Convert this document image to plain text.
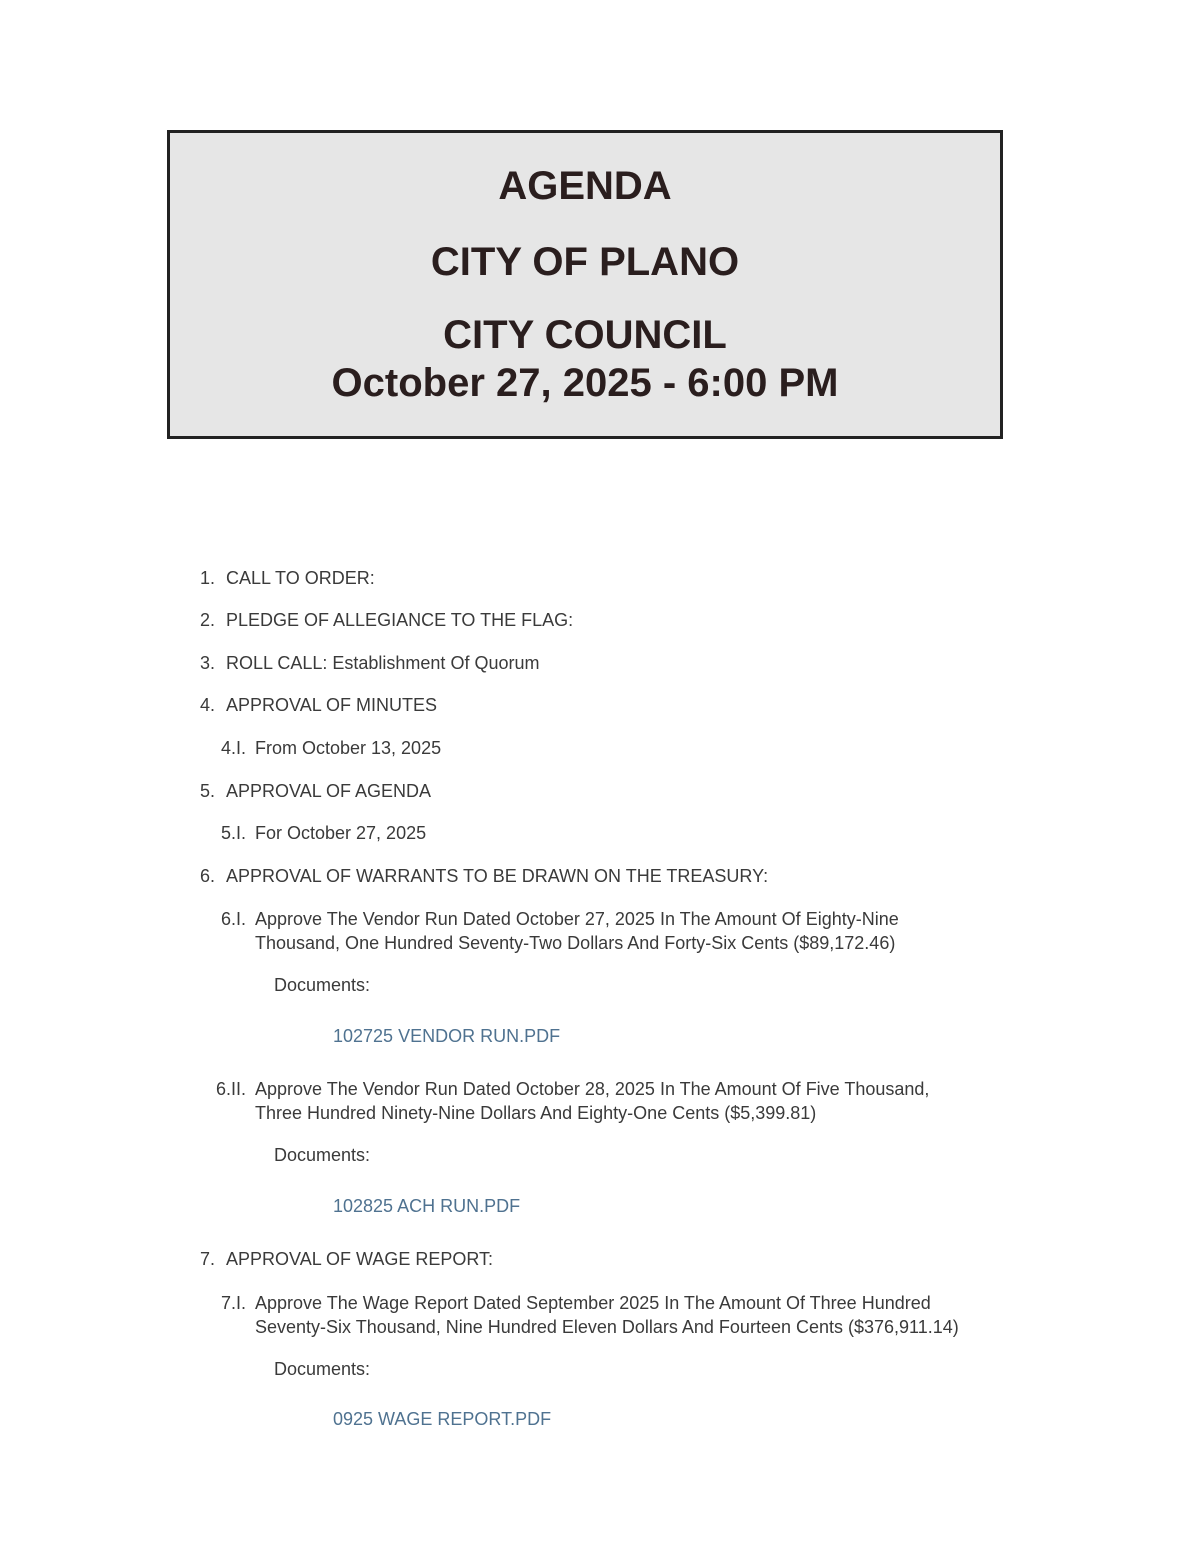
AGENDA
CITY OF PLANO
CITY COUNCIL
October 27, 2025 - 6:00 PM
1. CALL TO ORDER:
2. PLEDGE OF ALLEGIANCE TO THE FLAG:
3. ROLL CALL: Establishment Of Quorum
4. APPROVAL OF MINUTES
4.I. From October 13, 2025
5. APPROVAL OF AGENDA
5.I. For October 27, 2025
6. APPROVAL OF WARRANTS TO BE DRAWN ON THE TREASURY:
6.I. Approve The Vendor Run Dated October 27, 2025 In The Amount Of Eighty-Nine
Thousand, One Hundred Seventy-Two Dollars And Forty-Six Cents ($89,172.46)
Documents:
102725 VENDOR RUN.PDF
6.II. Approve The Vendor Run Dated October 28, 2025 In The Amount Of Five Thousand,
Three Hundred Ninety-Nine Dollars And Eighty-One Cents ($5,399.81)
Documents:
102825 ACH RUN.PDF
7. APPROVAL OF WAGE REPORT:
7.I. Approve The Wage Report Dated September 2025 In The Amount Of Three Hundred
Seventy-Six Thousand, Nine Hundred Eleven Dollars And Fourteen Cents ($376,911.14)
Documents:
0925 WAGE REPORT.PDF
